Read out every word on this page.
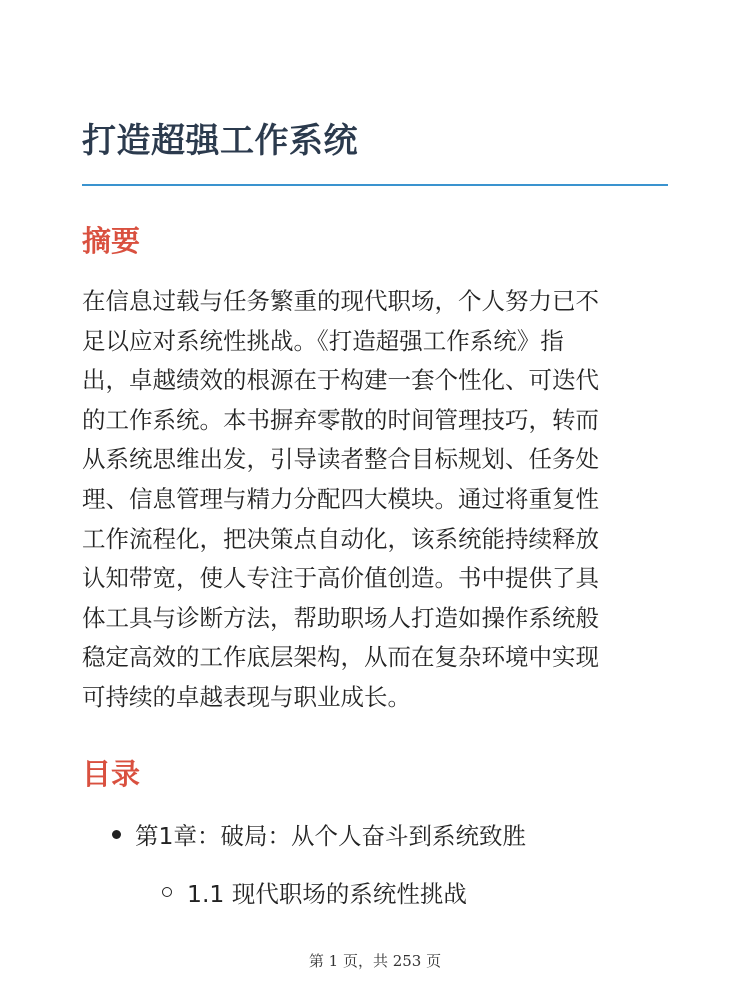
打造超强工作系统
摘要
在信息过载与任务繁重的现代职场，个人努力已不
足以应对系统性挑战。《打造超强工作系统》指
出，卓越绩效的根源在于构建一套个性化、可迭代
的工作系统。本书摒弃零散的时间管理技巧，转而
从系统思维出发，引导读者整合目标规划、任务处
理、信息管理与精力分配四大模块。通过将重复性
工作流程化，把决策点自动化，该系统能持续释放
认知带宽，使人专注于高价值创造。书中提供了具
体工具与诊断方法，帮助职场人打造如操作系统般
稳定高效的工作底层架构，从而在复杂环境中实现
可持续的卓越表现与职业成长。
目录
第1章：破局：从个人奋斗到系统致胜
1.1 现代职场的系统性挑战
第 1 页，共 253 页
